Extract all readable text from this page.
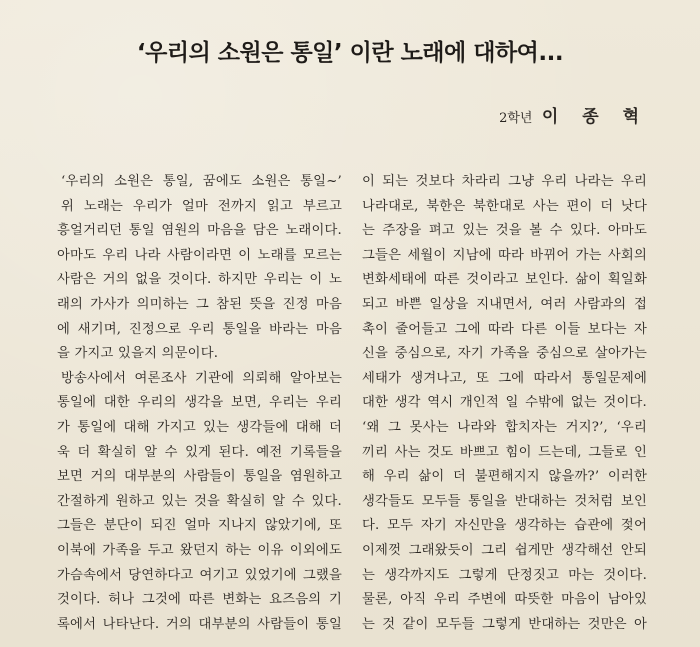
‘우리의 소원은 통일’ 이란 노래에 대하여...
2학년 이 종 혁
‘우리의 소원은 통일, 꿈에도 소원은 통일~’
위 노래는 우리가 얼마 전까지 읽고 부르고
흥얼거리던 통일 염원의 마음을 담은 노래이다.
아마도 우리 나라 사람이라면 이 노래를 모르는
사람은 거의 없을 것이다. 하지만 우리는 이 노
래의 가사가 의미하는 그 참된 뜻을 진정 마음
에 새기며, 진정으로 우리 통일을 바라는 마음
을 가지고 있을지 의문이다.
방송사에서 여론조사 기관에 의뢰해 알아보는
통일에 대한 우리의 생각을 보면, 우리는 우리
가 통일에 대해 가지고 있는 생각들에 대해 더
욱 더 확실히 알 수 있게 된다. 예전 기록들을
보면 거의 대부분의 사람들이 통일을 염원하고
간절하게 원하고 있는 것을 확실히 알 수 있다.
그들은 분단이 되진 얼마 지나지 않았기에, 또
이북에 가족을 두고 왔던지 하는 이유 이외에도
가슴속에서 당연하다고 여기고 있었기에 그랬을
것이다. 허나 그것에 따른 변화는 요즈음의 기
록에서 나타난다. 거의 대부분의 사람들이 통일
이 되는 것보다 차라리 그냥 우리 나라는 우리
나라대로, 북한은 북한대로 사는 편이 더 낫다
는 주장을 펴고 있는 것을 볼 수 있다. 아마도
그들은 세월이 지남에 따라 바뀌어 가는 사회의
변화세태에 따른 것이라고 보인다. 삶이 획일화
되고 바쁜 일상을 지내면서, 여러 사람과의 접
촉이 줄어들고 그에 따라 다른 이들 보다는 자
신을 중심으로, 자기 가족을 중심으로 살아가는
세태가 생겨나고, 또 그에 따라서 통일문제에
대한 생각 역시 개인적 일 수밖에 없는 것이다.
‘왜 그 못사는 나라와 합치자는 거지?’, ‘우리
끼리 사는 것도 바쁘고 힘이 드는데, 그들로 인
해 우리 삶이 더 불편해지지 않을까?’ 이러한
생각들도 모두들 통일을 반대하는 것처럼 보인
다. 모두 자기 자신만을 생각하는 습관에 젖어
이제껏 그래왔듯이 그리 쉽게만 생각해선 안되
는 생각까지도 그렇게 단정짓고 마는 것이다.
물론, 아직 우리 주변에 따뜻한 마음이 남아있
는 것 같이 모두들 그렇게 반대하는 것만은 아
